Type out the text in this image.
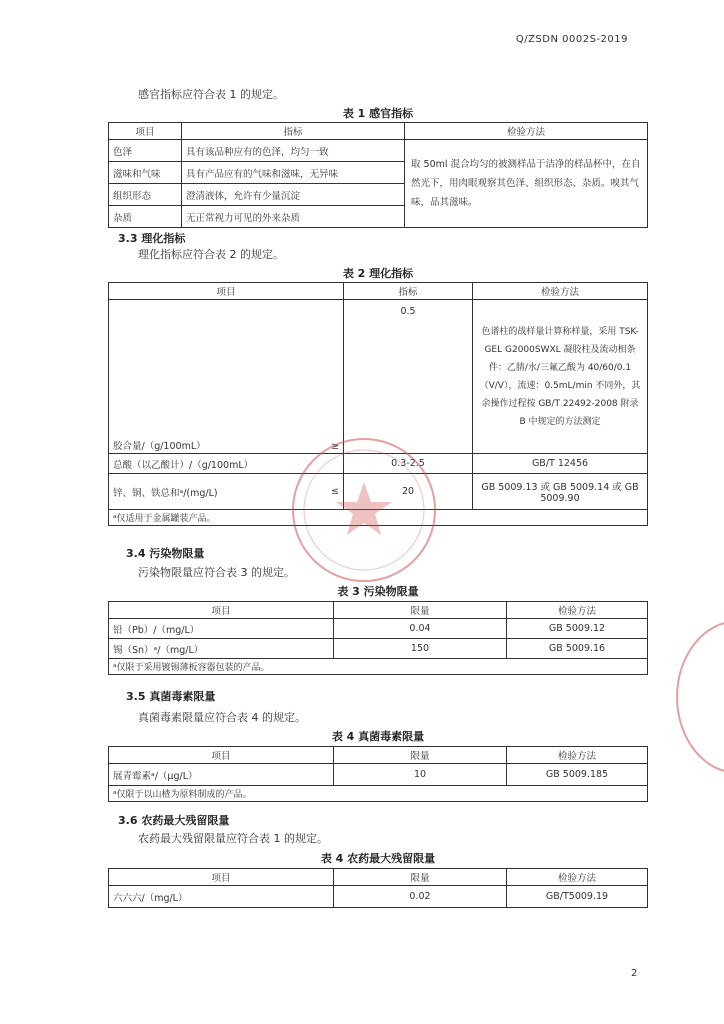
Q/ZSDN 0002S-2019
感官指标应符合表 1 的规定。
表 1 感官指标
项目	指标	检验方法
色泽	具有该品种应有的色泽，均匀一致	取 50ml 混合均匀的被测样品于洁净的样品杯中，在自然光下，用肉眼观察其色泽、组织形态、杂质。嗅其气味，品其滋味。
滋味和气味	具有产品应有的气味和滋味，无异味	
组织形态	澄清液体，允许有少量沉淀	
杂质	无正常视力可见的外来杂质	
3.3 理化指标
理化指标应符合表 2 的规定。
表 2 理化指标
项目		指标	检验方法
胶合量/（g/100mL）	≥	0.5	色谱柱的战样量计算称样量，采用 TSK-GEL G2000SWXL 凝胶柱及流动相条件：乙腈/水/三氟乙酸为 40/60/0.1（V/V），流速：0.5mL/min 不同外，其余操作过程按 GB/T 22492-2008 附录 B 中规定的方法测定
总酸（以乙酸计）/（g/100mL）		0.3-2.5	GB/T 12456
锌、铜、铁总和ᵃ/(mg/L)	≤	20	GB 5009.13 或 GB 5009.14 或 GB 5009.90
ᵃ仅适用于金属罐装产品。			
3.4 污染物限量
污染物限量应符合表 3 的规定。
表 3 污染物限量
项目	限量	检验方法
铅（Pb）/（mg/L）	0.04	GB 5009.12
锡（Sn）ᵃ/（mg/L）	150	GB 5009.16
ᵃ仅限于采用镀锡薄板容器包装的产品。		
3.5 真菌毒素限量
真菌毒素限量应符合表 4 的规定。
表 4 真菌毒素限量
项目	限量	检验方法
展青霉素ᵃ/（μg/L）	10	GB 5009.185
ᵃ仅限于以山楂为原料制成的产品。		
3.6 农药最大残留限量
农药最大残留限量应符合表 1 的规定。
表 4 农药最大残留限量
项目	限量	检验方法
六六六/（mg/L）	0.02	GB/T5009.19
2
